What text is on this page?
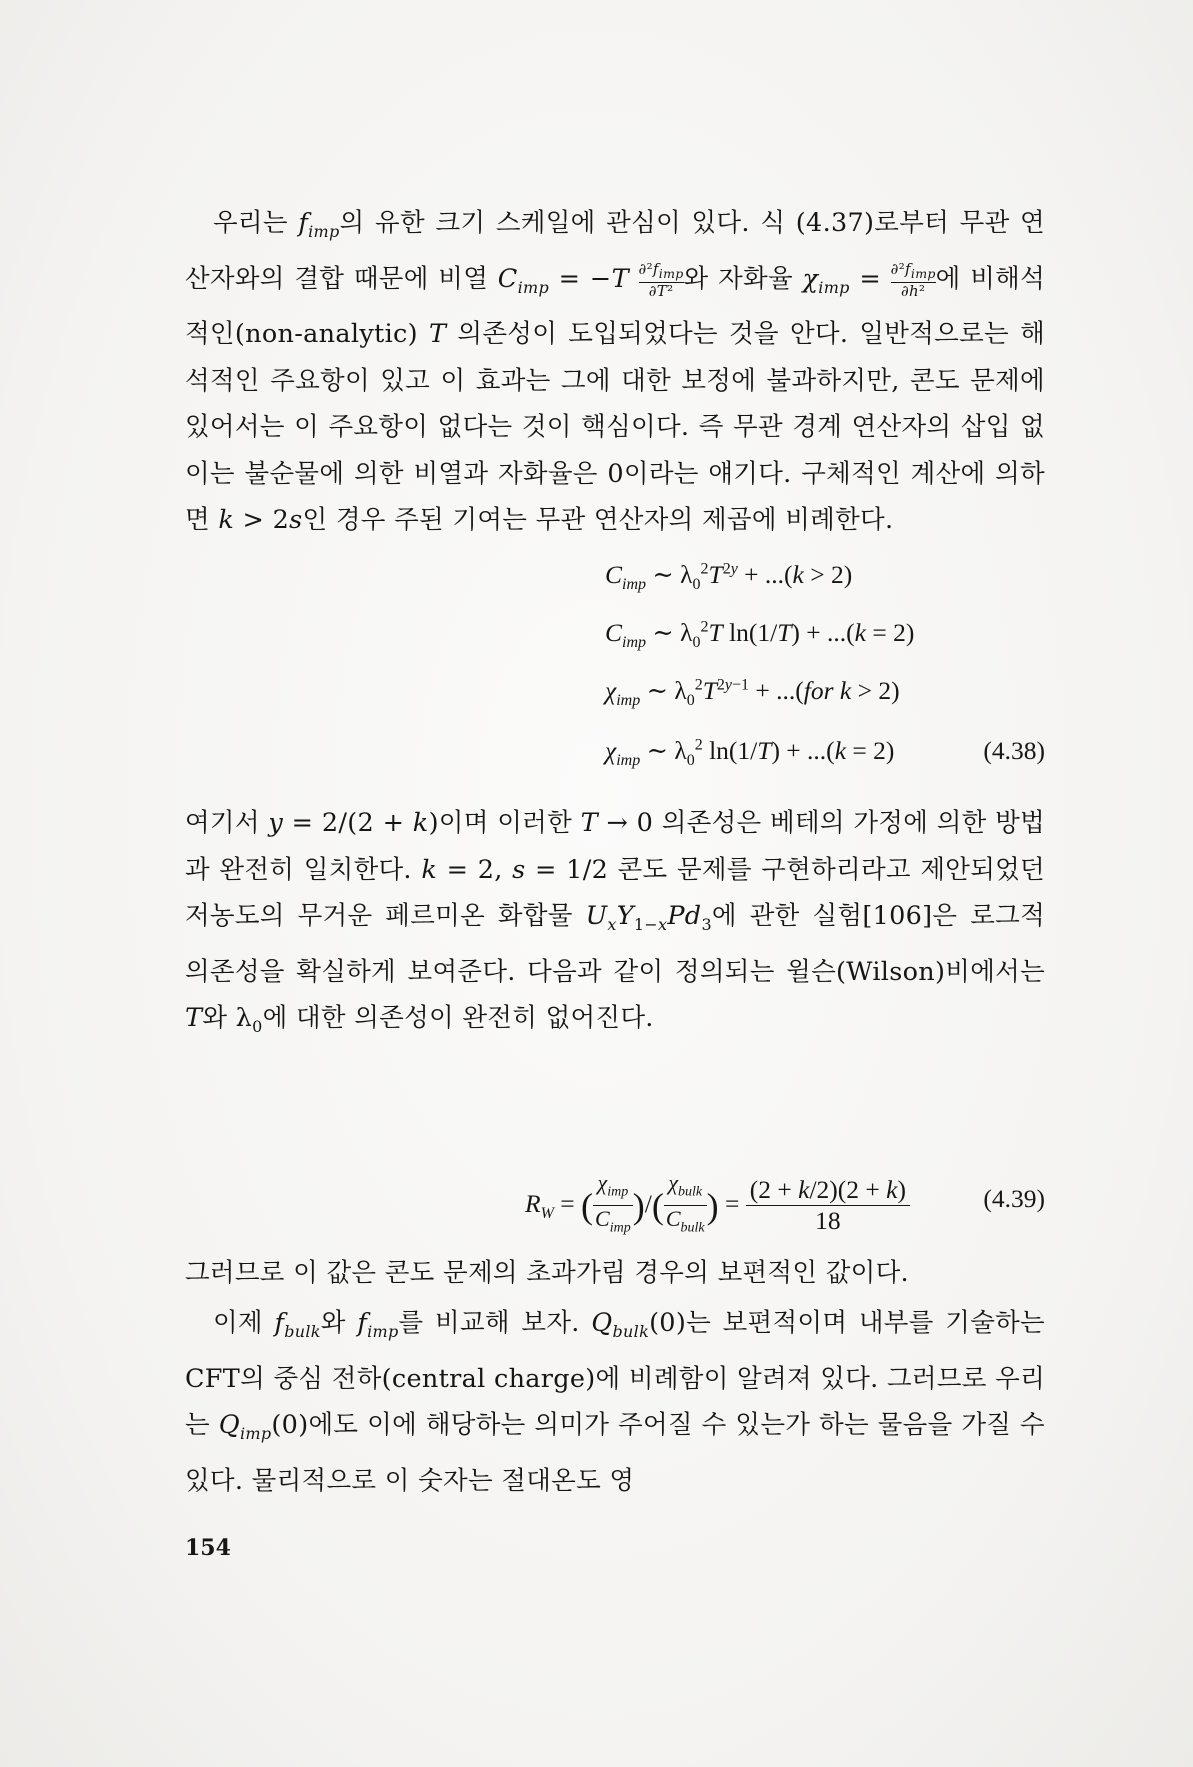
우리는 $f_{imp}$의 유한 크기 스케일에 관심이 있다. 식 (4.37)로부터 무관 연산자와의 결합 때문에 비열 $C_{imp} = -T$ $\partial^2f_{imp}$
∂T² 와 자화율 $\chi_{imp} = \partial^2f_{imp}$
∂h² 에 비해석적인(non-analytic) T 의존성이 도입되었다는 것을 안다. 일반적으로는 해석적인 주요항이 있고 이 효과는 그에 대한 보정에 불과하지만, 콘도 문제에 있어서는 이 주요항이 없다는 것이 핵심이다. 즉 무관 경계 연산자의 삽입 없이는 불순물에 의한 비열과 자화율은 0이라는 얘기다. 구체적인 계산에 의하면 k > 2s인 경우 주된 기여는 무관 연산자의 제곱에 비례한다.

$C_{imp}$ ∼ $\lambda_0^2T^{2y} + ...(k > 2)$
$C_{imp}$ ∼ $\lambda_0^2T$ ln(1/T) + ...(k = 2)
$\chi_{imp}$ ∼ $\lambda_0^2T^{2y-1} + ...(for$ k > 2)
$\chi_{imp}$ ∼ $\lambda_0^2$ ln(1/T) + ...(k = 2)	(4.38)

여기서 y = 2/(2 + k)이며 이러한 T → 0 의존성은 베테의 가정에 의한 방법과 완전히 일치한다. k = 2, s = 1/2 콘도 문제를 구현하리라고 제안되었던 저농도의 무거운 페르미온 화합물 $U_xY_{1-x}Pd_3$에 관한 실험[106]은 로그적 의존성을 확실하게 보여준다. 다음과 같이 정의되는 윌슨(Wilson)비에서는 T와 $\lambda_0$에 대한 의존성이 완전히 없어진다.

$R_W$ = (
$\chi_{imp}$
$C_{imp}$
)/(
$\chi_{bulk}$
$C_{bulk}$
) = $\frac{(2 + k/2)(2 + k)}{18}$	(4.39)

그러므로 이 값은 콘도 문제의 초과가림 경우의 보편적인 값이다.

이제 $f_{bulk}$와 $f_{imp}$를 비교해 보자. $Q_{bulk}(0)$는 보편적이며 내부를 기술하는 CFT의 중심 전하(central charge)에 비례함이 알려져 있다. 그러므로 우리는 $Q_{imp}(0)$에도 이에 해당하는 의미가 주어질 수 있는가 하는 물음을 가질 수 있다. 물리적으로 이 숫자는 절대온도 영

154
